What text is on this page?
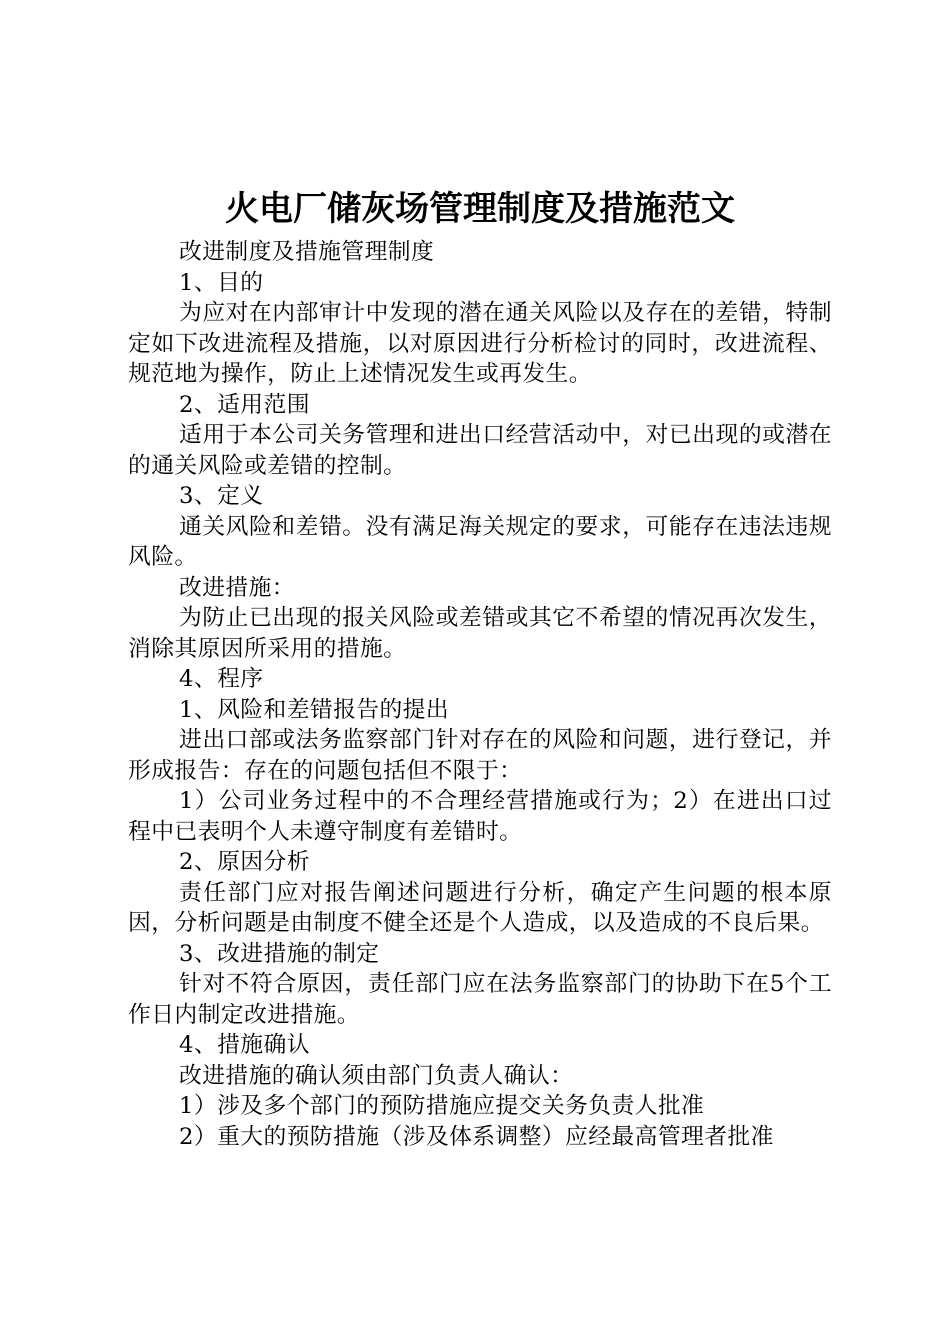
火电厂储灰场管理制度及措施范文

改进制度及措施管理制度

1、目的

为应对在内部审计中发现的潜在通关风险以及存在的差错，特制定如下改进流程及措施，以对原因进行分析检讨的同时，改进流程、规范地为操作，防止上述情况发生或再发生。

2、适用范围

适用于本公司关务管理和进出口经营活动中，对已出现的或潜在的通关风险或差错的控制。

3、定义

通关风险和差错。没有满足海关规定的要求，可能存在违法违规风险。

改进措施：

为防止已出现的报关风险或差错或其它不希望的情况再次发生，消除其原因所采用的措施。

4、程序

1、风险和差错报告的提出

进出口部或法务监察部门针对存在的风险和问题，进行登记，并形成报告：存在的问题包括但不限于：

1）公司业务过程中的不合理经营措施或行为；2）在进出口过程中已表明个人未遵守制度有差错时。

2、原因分析

责任部门应对报告阐述问题进行分析，确定产生问题的根本原因，分析问题是由制度不健全还是个人造成，以及造成的不良后果。

3、改进措施的制定

针对不符合原因，责任部门应在法务监察部门的协助下在5个工作日内制定改进措施。

4、措施确认

改进措施的确认须由部门负责人确认：

1）涉及多个部门的预防措施应提交关务负责人批准

2）重大的预防措施（涉及体系调整）应经最高管理者批准
